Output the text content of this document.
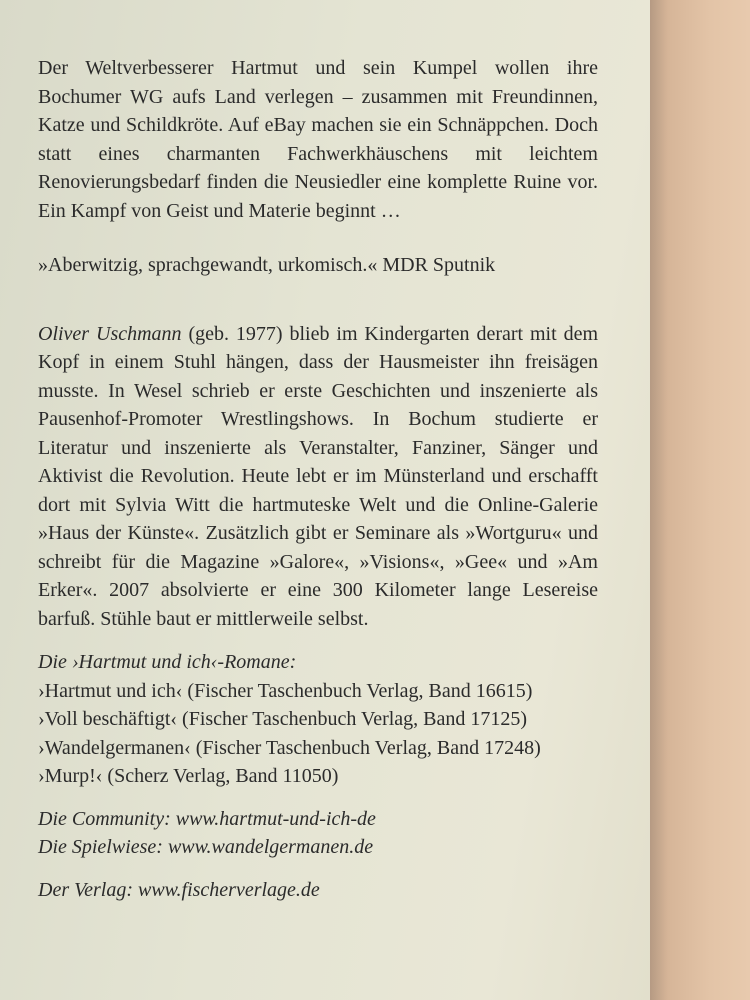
Der Weltverbesserer Hartmut und sein Kumpel wollen ihre Bochumer WG aufs Land verlegen – zusammen mit Freundinnen, Katze und Schildkröte. Auf eBay machen sie ein Schnäppchen. Doch statt eines charmanten Fachwerkhäuschens mit leichtem Renovierungsbedarf finden die Neusiedler eine komplette Ruine vor. Ein Kampf von Geist und Materie beginnt …

»Aberwitzig, sprachgewandt, urkomisch.« MDR Sputnik

Oliver Uschmann (geb. 1977) blieb im Kindergarten derart mit dem Kopf in einem Stuhl hängen, dass der Hausmeister ihn freisägen musste. In Wesel schrieb er erste Geschichten und inszenierte als Pausenhof-Promoter Wrestlingshows. In Bochum studierte er Literatur und inszenierte als Veranstalter, Fanziner, Sänger und Aktivist die Revolution. Heute lebt er im Münsterland und erschafft dort mit Sylvia Witt die hartmuteske Welt und die Online-Galerie »Haus der Künste«. Zusätzlich gibt er Seminare als »Wortguru« und schreibt für die Magazine »Galore«, »Visions«, »Gee« und »Am Erker«. 2007 absolvierte er eine 300 Kilometer lange Lesereise barfuß. Stühle baut er mittlerweile selbst.

Die ›Hartmut und ich‹-Romane:
›Hartmut und ich‹ (Fischer Taschenbuch Verlag, Band 16615)
›Voll beschäftigt‹ (Fischer Taschenbuch Verlag, Band 17125)
›Wandelgermanen‹ (Fischer Taschenbuch Verlag, Band 17248)
›Murp!‹ (Scherz Verlag, Band 11050)
Die Community: www.hartmut-und-ich-de
Die Spielwiese: www.wandelgermanen.de
Der Verlag: www.fischerverlage.de
